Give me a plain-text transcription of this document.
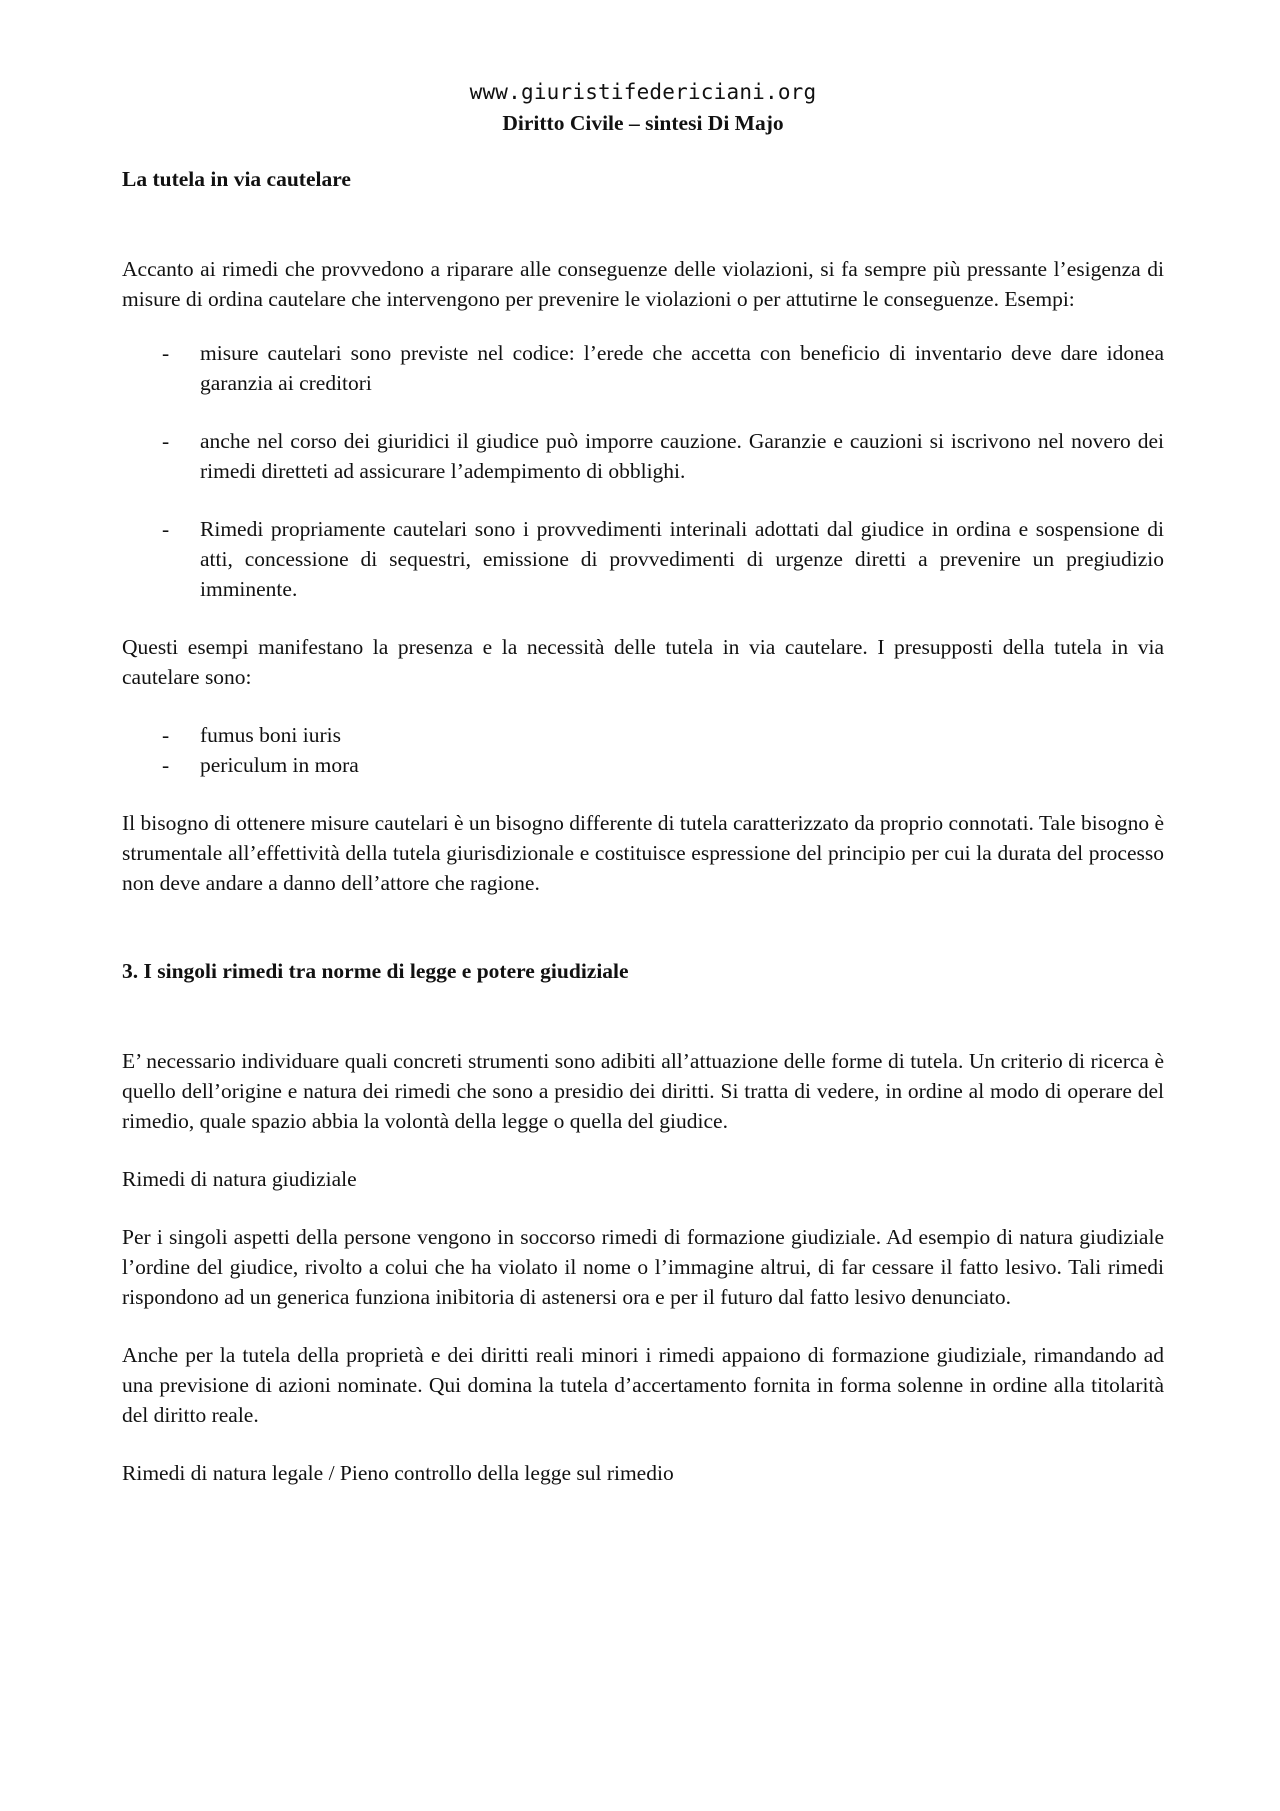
www.giuristifedericiani.org
Diritto Civile – sintesi Di Majo
La tutela in via cautelare

Accanto ai rimedi che provvedono a riparare alle conseguenze delle violazioni, si fa sempre più pressante l’esigenza di misure di ordina cautelare che intervengono per prevenire le violazioni o per attutirne le conseguenze. Esempi:

- misure cautelari sono previste nel codice: l’erede che accetta con beneficio di inventario deve dare idonea garanzia ai creditori
- anche nel corso dei giuridici il giudice può imporre cauzione. Garanzie e cauzioni si iscrivono nel novero dei rimedi diretteti ad assicurare l’adempimento di obblighi.
- Rimedi propriamente cautelari sono i provvedimenti interinali adottati dal giudice in ordina e sospensione di atti, concessione di sequestri, emissione di provvedimenti di urgenze diretti a prevenire un pregiudizio imminente.

Questi esempi manifestano la presenza e la necessità delle tutela in via cautelare. I presupposti della tutela in via cautelare sono:

- fumus boni iuris
- periculum in mora

Il bisogno di ottenere misure cautelari è un bisogno differente di tutela caratterizzato da proprio connotati. Tale bisogno è strumentale all’effettività della tutela giurisdizionale e costituisce espressione del principio per cui la durata del processo non deve andare a danno dell’attore che ragione.

3. I singoli rimedi tra norme di legge e potere giudiziale

E’ necessario individuare quali concreti strumenti sono adibiti all’attuazione delle forme di tutela. Un criterio di ricerca è quello dell’origine e natura dei rimedi che sono a presidio dei diritti. Si tratta di vedere, in ordine al modo di operare del rimedio, quale spazio abbia la volontà della legge o quella del giudice.

Rimedi di natura giudiziale

Per i singoli aspetti della persone vengono in soccorso rimedi di formazione giudiziale. Ad esempio di natura giudiziale l’ordine del giudice, rivolto a colui che ha violato il nome o l’immagine altrui, di far cessare il fatto lesivo. Tali rimedi rispondono ad un generica funziona inibitoria di astenersi ora e per il futuro dal fatto lesivo denunciato.

Anche per la tutela della proprietà e dei diritti reali minori i rimedi appaiono di formazione giudiziale, rimandando ad una previsione di azioni nominate. Qui domina la tutela d’accertamento fornita in forma solenne in ordine alla titolarità del diritto reale.

Rimedi di natura legale / Pieno controllo della legge sul rimedio
